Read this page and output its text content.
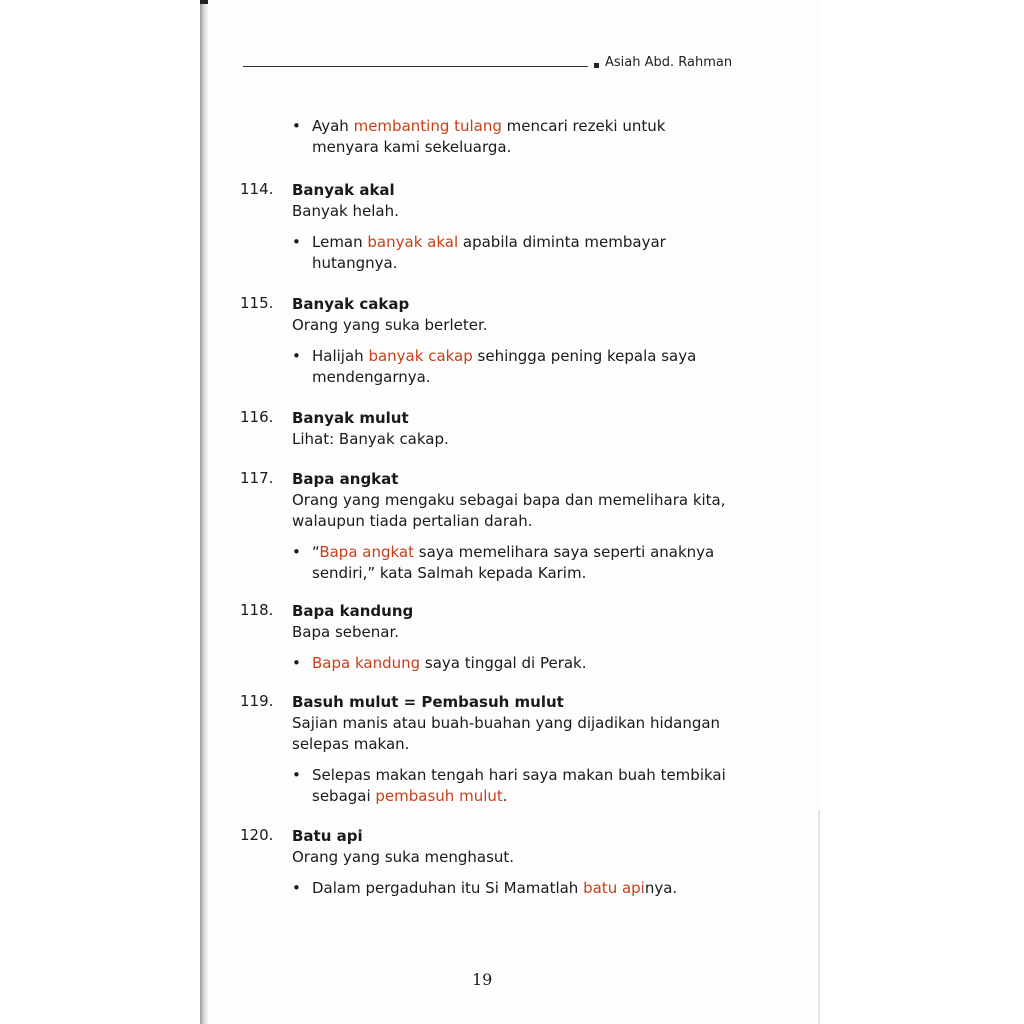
Asiah Abd. Rahman
• Ayah membanting tulang mencari rezeki untuk menyara kami sekeluarga.
114. Banyak akal
Banyak helah.
• Leman banyak akal apabila diminta membayar hutangnya.
115. Banyak cakap
Orang yang suka berleter.
• Halijah banyak cakap sehingga pening kepala saya mendengarnya.
116. Banyak mulut
Lihat: Banyak cakap.
117. Bapa angkat
Orang yang mengaku sebagai bapa dan memelihara kita, walaupun tiada pertalian darah.
• “Bapa angkat saya memelihara saya seperti anaknya sendiri,” kata Salmah kepada Karim.
118. Bapa kandung
Bapa sebenar.
• Bapa kandung saya tinggal di Perak.
119. Basuh mulut = Pembasuh mulut
Sajian manis atau buah-buahan yang dijadikan hidangan selepas makan.
• Selepas makan tengah hari saya makan buah tembikai sebagai pembasuh mulut.
120. Batu api
Orang yang suka menghasut.
• Dalam pergaduhan itu Si Mamatlah batu apinya.
19
